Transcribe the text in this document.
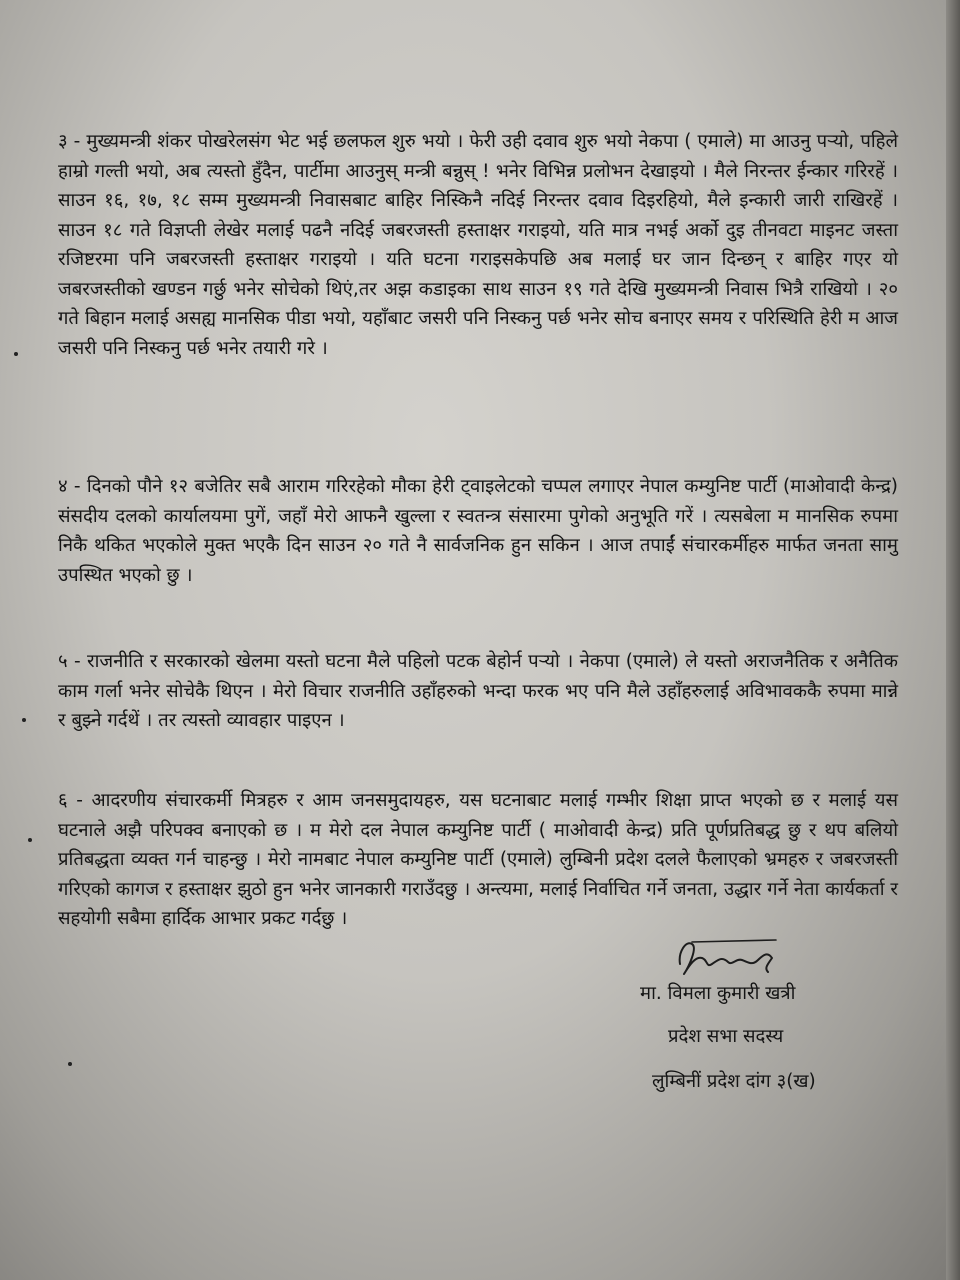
३ - मुख्यमन्त्री शंकर पोखरेलसंग भेट भई छलफल शुरु भयो । फेरी उही दवाव शुरु भयो नेकपा ( एमाले) मा आउनु पर्‍यो, पहिले हाम्रो गल्ती भयो, अब त्यस्तो हुँदैन, पार्टीमा आउनुस् मन्त्री बन्नुस् ! भनेर विभिन्न प्रलोभन देखाइयो । मैले निरन्तर ईन्कार गरिरहें । साउन १६, १७, १८ सम्म मुख्यमन्त्री निवासबाट बाहिर निस्किनै नदिई निरन्तर दवाव दिइरहियो, मैले इन्कारी जारी राखिरहें । साउन १८ गते विज्ञप्ती लेखेर मलाई पढनै नदिई जबरजस्ती हस्ताक्षर गराइयो, यति मात्र नभई अर्को दुइ तीनवटा माइनट जस्ता रजिष्टरमा पनि जबरजस्ती हस्ताक्षर गराइयो । यति घटना गराइसकेपछि अब मलाई घर जान दिन्छन् र बाहिर गएर यो जबरजस्तीको खण्डन गर्छु भनेर सोचेको थिएं,तर अझ कडाइका साथ साउन १९ गते देखि मुख्यमन्त्री निवास भित्रै राखियो । २० गते बिहान मलाई असह्य मानसिक पीडा भयो, यहाँबाट जसरी पनि निस्कनु पर्छ भनेर सोच बनाएर समय र परिस्थिति हेरी म आज जसरी पनि निस्कनु पर्छ भनेर तयारी गरे ।

४ - दिनको पौने १२ बजेतिर सबै आराम गरिरहेको मौका हेरी ट्वाइलेटको चप्पल लगाएर नेपाल कम्युनिष्ट पार्टी (माओवादी केन्द्र) संसदीय दलको कार्यालयमा पुगें, जहाँ मेरो आफनै खुल्ला र स्वतन्त्र संसारमा पुगेको अनुभूति गरें । त्यसबेला म मानसिक रुपमा निकै थकित भएकोले मुक्त भएकै दिन साउन २० गते नै सार्वजनिक हुन सकिन । आज तपाईं संचारकर्मीहरु मार्फत जनता सामु उपस्थित भएको छु ।

५ - राजनीति र सरकारको खेलमा यस्तो घटना मैले पहिलो पटक बेहोर्न पर्‍यो । नेकपा (एमाले) ले यस्तो अराजनैतिक र अनैतिक काम गर्ला भनेर सोचेकै थिएन । मेरो विचार राजनीति उहाँहरुको भन्दा फरक भए पनि मैले उहाँहरुलाई अविभावककै रुपमा मान्ने र बुझ्ने गर्दथें । तर त्यस्तो व्यावहार पाइएन ।

६ - आदरणीय संचारकर्मी मित्रहरु र आम जनसमुदायहरु, यस घटनाबाट मलाई गम्भीर शिक्षा प्राप्त भएको छ र मलाई यस घटनाले अझै परिपक्व बनाएको छ । म मेरो दल नेपाल कम्युनिष्ट पार्टी ( माओवादी केन्द्र) प्रति पूर्णप्रतिबद्ध छु र थप बलियो प्रतिबद्धता व्यक्त गर्न चाहन्छु । मेरो नामबाट नेपाल कम्युनिष्ट पार्टी (एमाले) लुम्बिनी प्रदेश दलले फैलाएको भ्रमहरु र जबरजस्ती गरिएको कागज र हस्ताक्षर झुठो हुन भनेर जानकारी गराउँदछु । अन्त्यमा, मलाई निर्वाचित गर्ने जनता, उद्धार गर्ने नेता कार्यकर्ता र सहयोगी सबैमा हार्दिक आभार प्रकट गर्दछु ।

मा. विमला कुमारी खत्री
प्रदेश सभा सदस्य
लुम्बिनीं प्रदेश दांग ३(ख)
